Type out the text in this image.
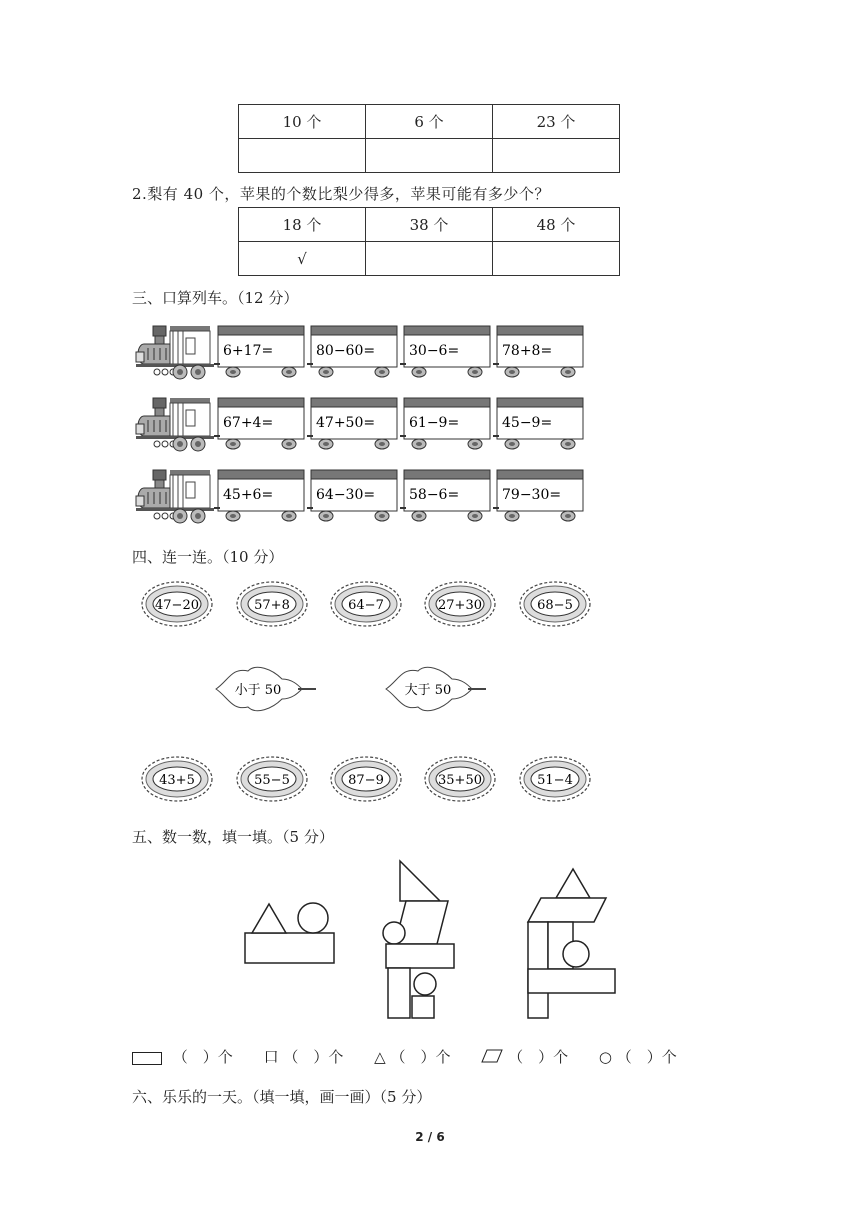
10 个	6 个	23 个

2.梨有 40 个，苹果的个数比梨少得多，苹果可能有多少个？
18 个	38 个	48 个
√		
三、口算列车。（12 分）
6+17=	80−60= 30−6=	78+8=
67+4=	47+50= 61−9=	45−9=
45+6=	64−30= 58−6=	79−30=
四、连一连。（10 分）
47−20	57+8	64−7	27+30	68−5
小于 50	大于 50
43+5	55−5	87−9	35+50	51−4
五、数一数，填一填。（5 分）
（　）个 口 （　）个 △ （　）个	（　）个 ○ （　）个
六、乐乐的一天。（填一填，画一画）（5 分）
2 / 6
